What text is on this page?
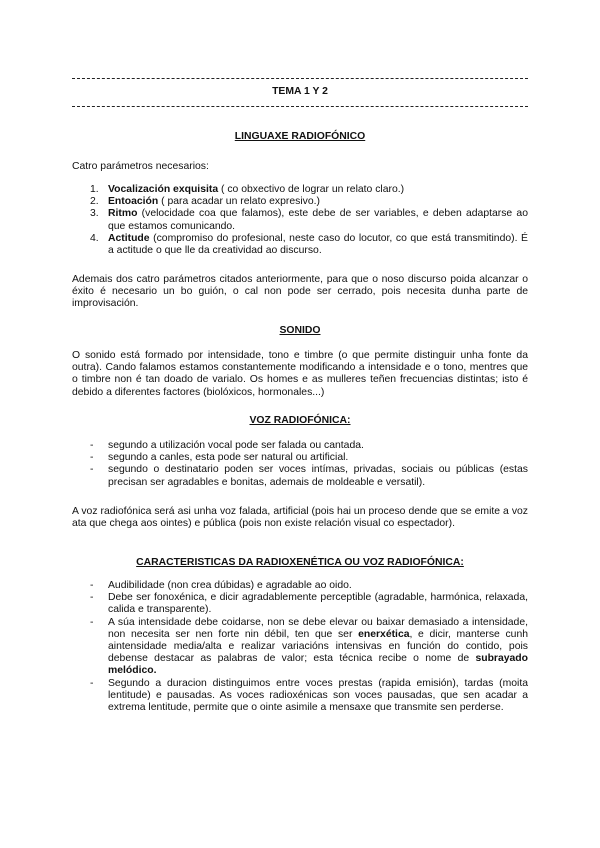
TEMA 1 Y 2
LINGUAXE RADIOFÓNICO
Catro parámetros necesarios:
1. Vocalización exquisita ( co obxectivo de lograr un relato claro.)
2. Entoación ( para acadar un relato expresivo.)
3. Ritmo (velocidade coa que falamos), este debe de ser variables, e deben adaptarse ao que estamos comunicando.
4. Actitude (compromiso do profesional, neste caso do locutor, co que está transmitindo). É a actitude o que lle da creatividad ao discurso.
Ademais dos catro parámetros citados anteriormente, para que o noso discurso poida alcanzar o éxito é necesario un bo guión, o cal non pode ser cerrado, pois necesita dunha parte de improvisación.
SONIDO
O sonido está formado por intensidade, tono e timbre (o que permite distinguir unha fonte da outra). Cando falamos estamos constantemente modificando a intensidade e o tono, mentres que o timbre non é tan doado de varialo. Os homes e as mulleres teñen frecuencias distintas; isto é debido a diferentes factores (biolóxicos, hormonales...)
VOZ RADIOFÓNICA:
- segundo a utilización vocal pode ser falada ou cantada.
- segundo a canles, esta pode ser natural ou artificial.
- segundo o destinatario poden ser voces intímas, privadas, sociais ou públicas (estas precisan ser agradables e bonitas, ademais de moldeable e versatil).
A voz radiofónica será asi unha voz falada, artificial (pois hai un proceso dende que se emite a voz ata que chega aos ointes) e pública (pois non existe relación visual co espectador).
CARACTERISTICAS DA RADIOXENÉTICA OU VOZ RADIOFÓNICA:
- Audibilidade (non crea dúbidas) e agradable ao oido.
- Debe ser fonoxénica, e dicir agradablemente perceptible (agradable, harmónica, relaxada, calida e transparente).
- A súa intensidade debe coidarse, non se debe elevar ou baixar demasiado a intensidade, non necesita ser nen forte nin débil, ten que ser enerxética, e dicir, manterse cunh aintensidade media/alta e realizar variacións intensivas en función do contido, pois debense destacar as palabras de valor; esta técnica recibe o nome de subrayado melódico.
- Segundo a duracion distinguimos entre voces prestas (rapida emisión), tardas (moita lentitude) e pausadas. As voces radioxénicas son voces pausadas, que sen acadar a extrema lentitude, permite que o ointe asimile a mensaxe que transmite sen perderse.
